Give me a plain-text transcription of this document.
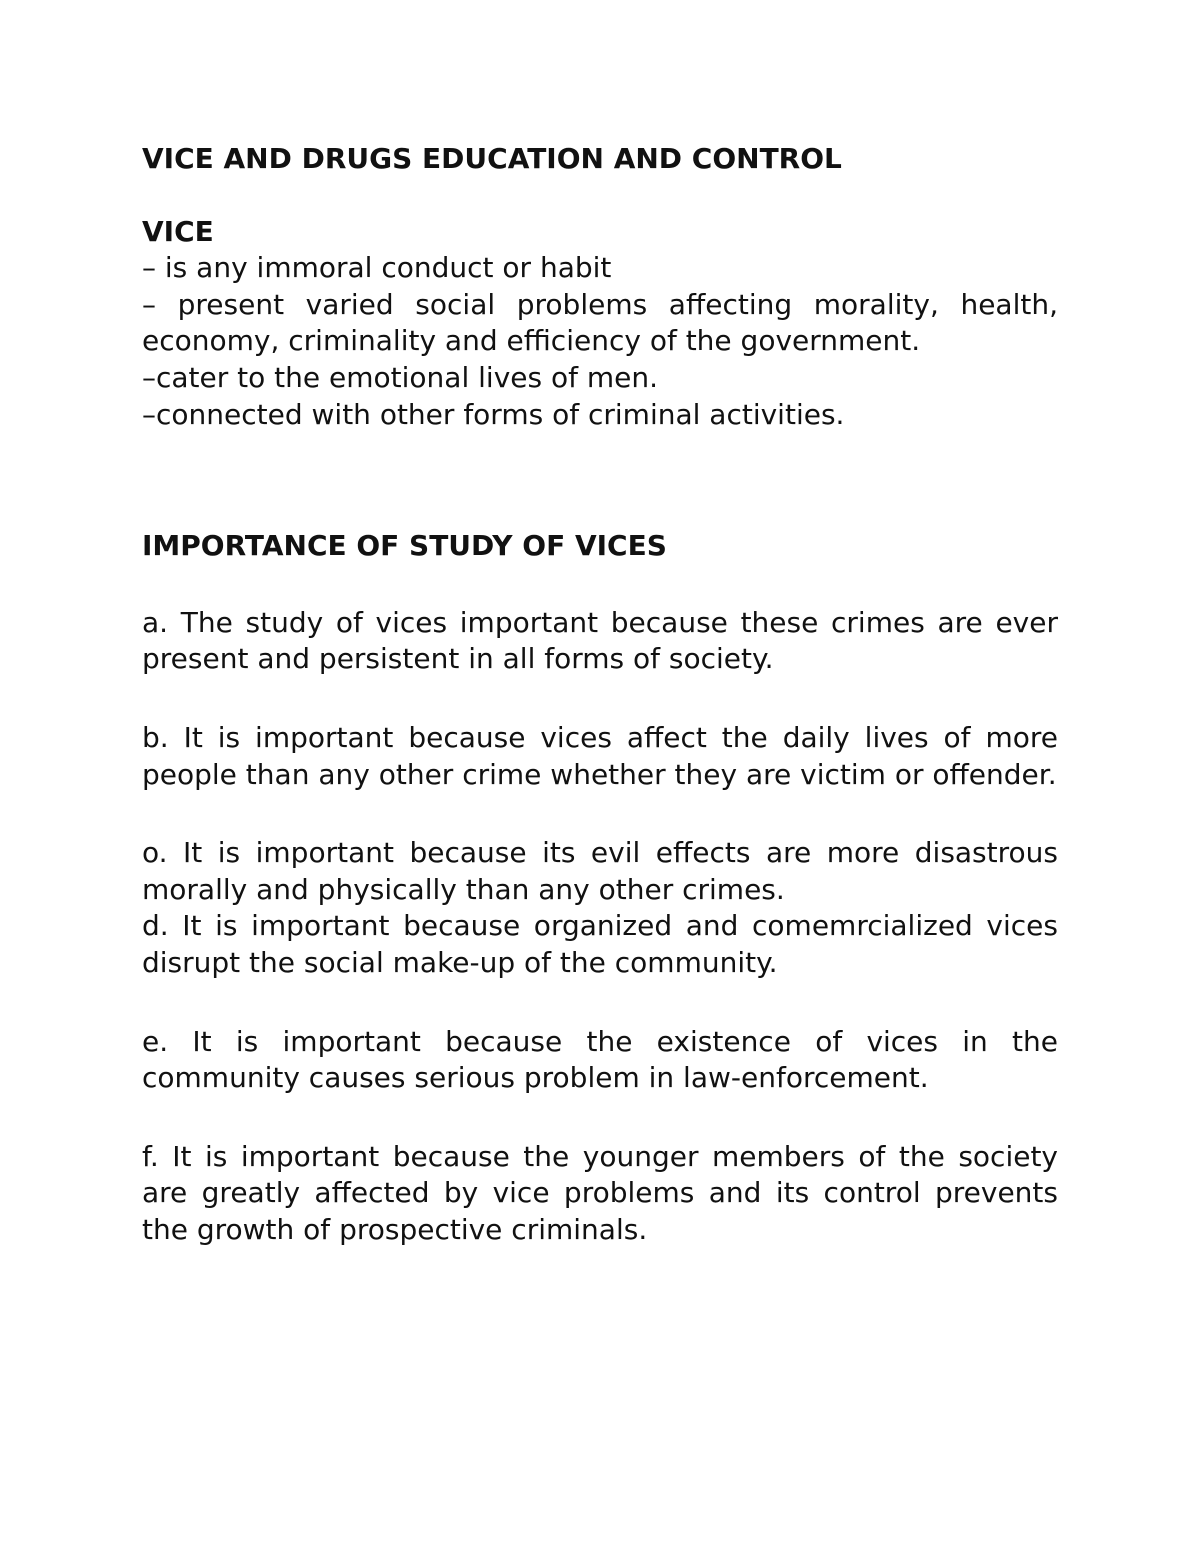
VICE AND DRUGS EDUCATION AND CONTROL

VICE

– is any immoral conduct or habit

– present varied social problems affecting morality, health, economy, criminality and efficiency of the government.

–cater to the emotional lives of men.

–connected with other forms of criminal activities.

IMPORTANCE OF STUDY OF VICES

a. The study of vices important because these crimes are ever present and persistent in all forms of society.

b. It is important because vices affect the daily lives of more people than any other crime whether they are victim or offender.

o. It is important because its evil effects are more disastrous morally and physically than any other crimes.

d. It is important because organized and comemrcialized vices disrupt the social make-up of the community.

e. It is important because the existence of vices in the community causes serious problem in law-enforcement.

f. It is important because the younger members of the society are greatly affected by vice problems and its control prevents the growth of prospective criminals.
